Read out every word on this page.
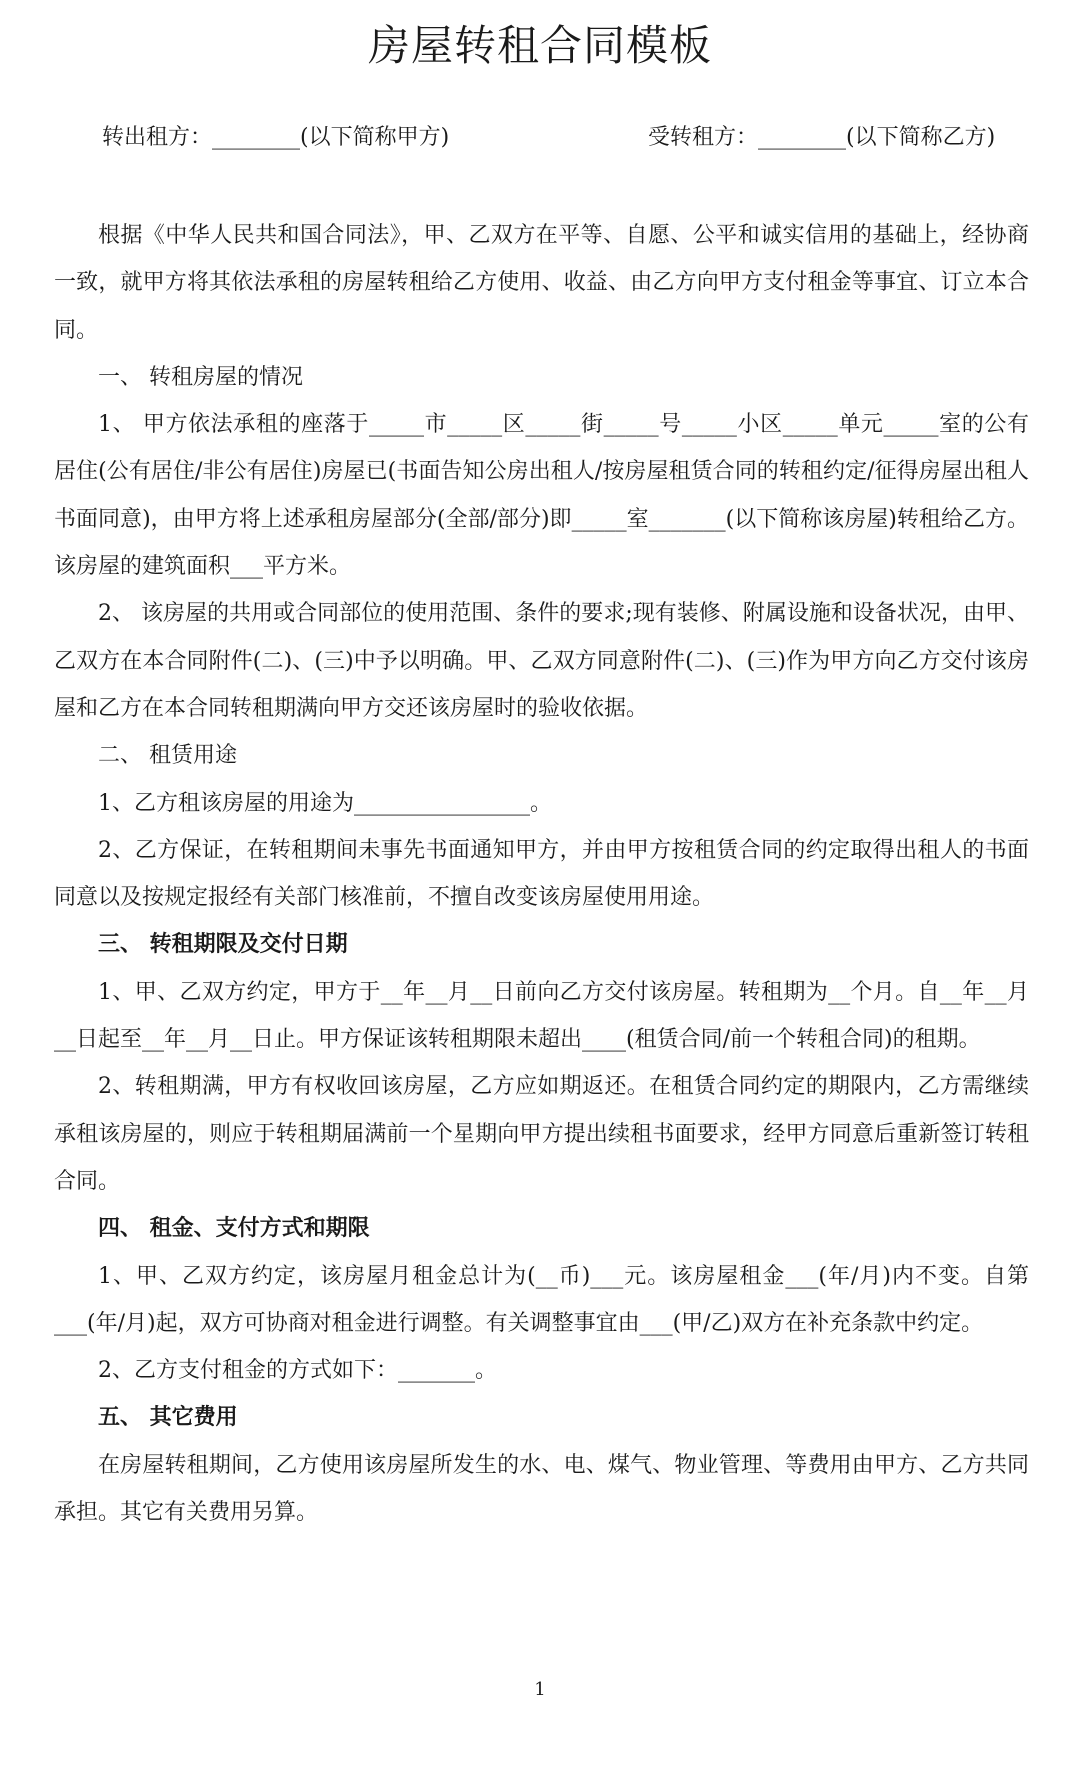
房屋转租合同模板
转出租方：________(以下简称甲方)	受转租方：________(以下简称乙方)

根据《中华人民共和国合同法》，甲、乙双方在平等、自愿、公平和诚实信用的基础上，经协商一致，就甲方将其依法承租的房屋转租给乙方使用、收益、由乙方向甲方支付租金等事宜、订立本合同。

一、 转租房屋的情况

1、 甲方依法承租的座落于_____市_____区_____街_____号_____小区_____单元_____室的公有居住(公有居住/非公有居住)房屋已(书面告知公房出租人/按房屋租赁合同的转租约定/征得房屋出租人书面同意)，由甲方将上述承租房屋部分(全部/部分)即_____室_______(以下简称该房屋)转租给乙方。该房屋的建筑面积___平方米。

2、 该房屋的共用或合同部位的使用范围、条件的要求;现有装修、附属设施和设备状况，由甲、乙双方在本合同附件(二)、(三)中予以明确。甲、乙双方同意附件(二)、(三)作为甲方向乙方交付该房屋和乙方在本合同转租期满向甲方交还该房屋时的验收依据。

二、 租赁用途

1、乙方租该房屋的用途为________________。

2、乙方保证，在转租期间未事先书面通知甲方，并由甲方按租赁合同的约定取得出租人的书面同意以及按规定报经有关部门核准前，不擅自改变该房屋使用用途。

三、 转租期限及交付日期

1、甲、乙双方约定，甲方于__年__月__日前向乙方交付该房屋。转租期为__个月。自__年__月__日起至__年__月__日止。甲方保证该转租期限未超出____(租赁合同/前一个转租合同)的租期。

2、转租期满，甲方有权收回该房屋，乙方应如期返还。在租赁合同约定的期限内，乙方需继续承租该房屋的，则应于转租期届满前一个星期向甲方提出续租书面要求，经甲方同意后重新签订转租合同。

四、 租金、支付方式和期限

1、甲、乙双方约定，该房屋月租金总计为(__币)___元。该房屋租金___(年/月)内不变。自第___(年/月)起，双方可协商对租金进行调整。有关调整事宜由___(甲/乙)双方在补充条款中约定。

2、乙方支付租金的方式如下：_______。

五、 其它费用

在房屋转租期间，乙方使用该房屋所发生的水、电、煤气、物业管理、等费用由甲方、乙方共同承担。其它有关费用另算。

1
